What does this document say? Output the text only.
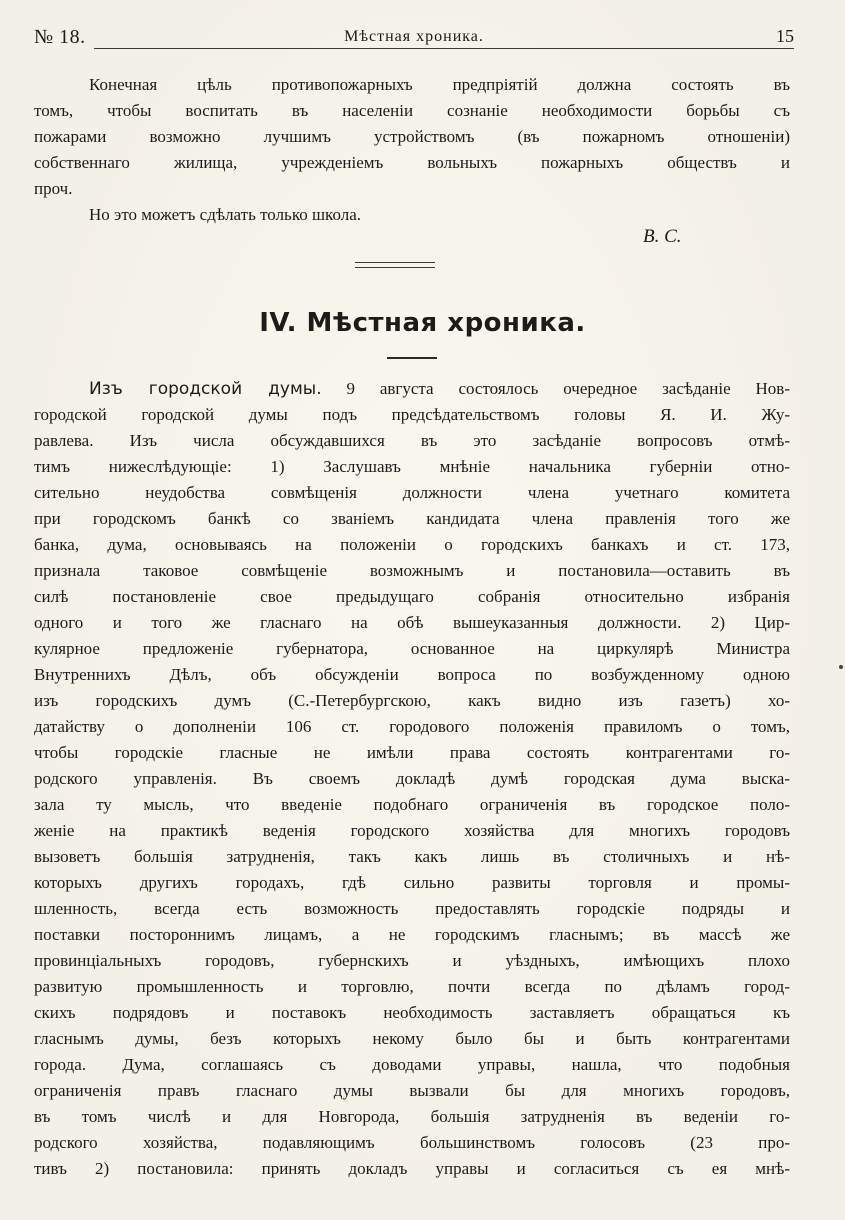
№ 18.	Мѣстная хроника.	15
Конечная цѣль противопожарныхъ предпріятій должна состоять въ
томъ, чтобы воспитать въ населеніи сознаніе необходимости борьбы съ
пожарами возможно лучшимъ устройствомъ (въ пожарномъ отношеніи)
собственнаго жилища, учрежденіемъ вольныхъ пожарныхъ обществъ и
проч.
Но это можетъ сдѣлать только школа.
В. С.
IV. Мѣстная хроника.
Изъ городской думы. 9 августа состоялось очередное засѣданіе Нов-
городской городской думы подъ предсѣдательствомъ головы Я. И. Жу-
равлева. Изъ числа обсуждавшихся въ это засѣданіе вопросовъ отмѣ-
тимъ нижеслѣдующіе: 1) Заслушавъ мнѣніе начальника губерніи отно-
сительно неудобства совмѣщенія должности члена учетнаго комитета
при городскомъ банкѣ со званіемъ кандидата члена правленія того же
банка, дума, основываясь на положеніи о городскихъ банкахъ и ст. 173,
признала таковое совмѣщеніе возможнымъ и постановила—оставить въ
силѣ постановленіе свое предыдущаго собранія относительно избранія
одного и того же гласнаго на обѣ вышеуказанныя должности. 2) Цир-
кулярное предложеніе губернатора, основанное на циркулярѣ Министра
Внутреннихъ Дѣлъ, объ обсужденіи вопроса по возбужденному одною
изъ городскихъ думъ (С.-Петербургскою, какъ видно изъ газетъ) хо-
датайству о дополненіи 106 ст. городового положенія правиломъ о томъ,
чтобы городскіе гласные не имѣли права состоять контрагентами го-
родского управленія. Въ своемъ докладѣ думѣ городская дума выска-
зала ту мысль, что введеніе подобнаго ограниченія въ городское поло-
женіе на практикѣ веденія городского хозяйства для многихъ городовъ
вызоветъ большія затрудненія, такъ какъ лишь въ столичныхъ и нѣ-
которыхъ другихъ городахъ, гдѣ сильно развиты торговля и промы-
шленность, всегда есть возможность предоставлять городскіе подряды и
поставки постороннимъ лицамъ, а не городскимъ гласнымъ; въ массѣ же
провинціальныхъ городовъ, губернскихъ и уѣздныхъ, имѣющихъ плохо
развитую промышленность и торговлю, почти всегда по дѣламъ город-
скихъ подрядовъ и поставокъ необходимость заставляетъ обращаться къ
гласнымъ думы, безъ которыхъ некому было бы и быть контрагентами
города. Дума, соглашаясь съ доводами управы, нашла, что подобныя
ограниченія правъ гласнаго думы вызвали бы для многихъ городовъ,
въ томъ числѣ и для Новгорода, большія затрудненія въ веденіи го-
родского хозяйства, подавляющимъ большинствомъ голосовъ (23 про-
тивъ 2) постановила: принять докладъ управы и согласиться съ ея мнѣ-
